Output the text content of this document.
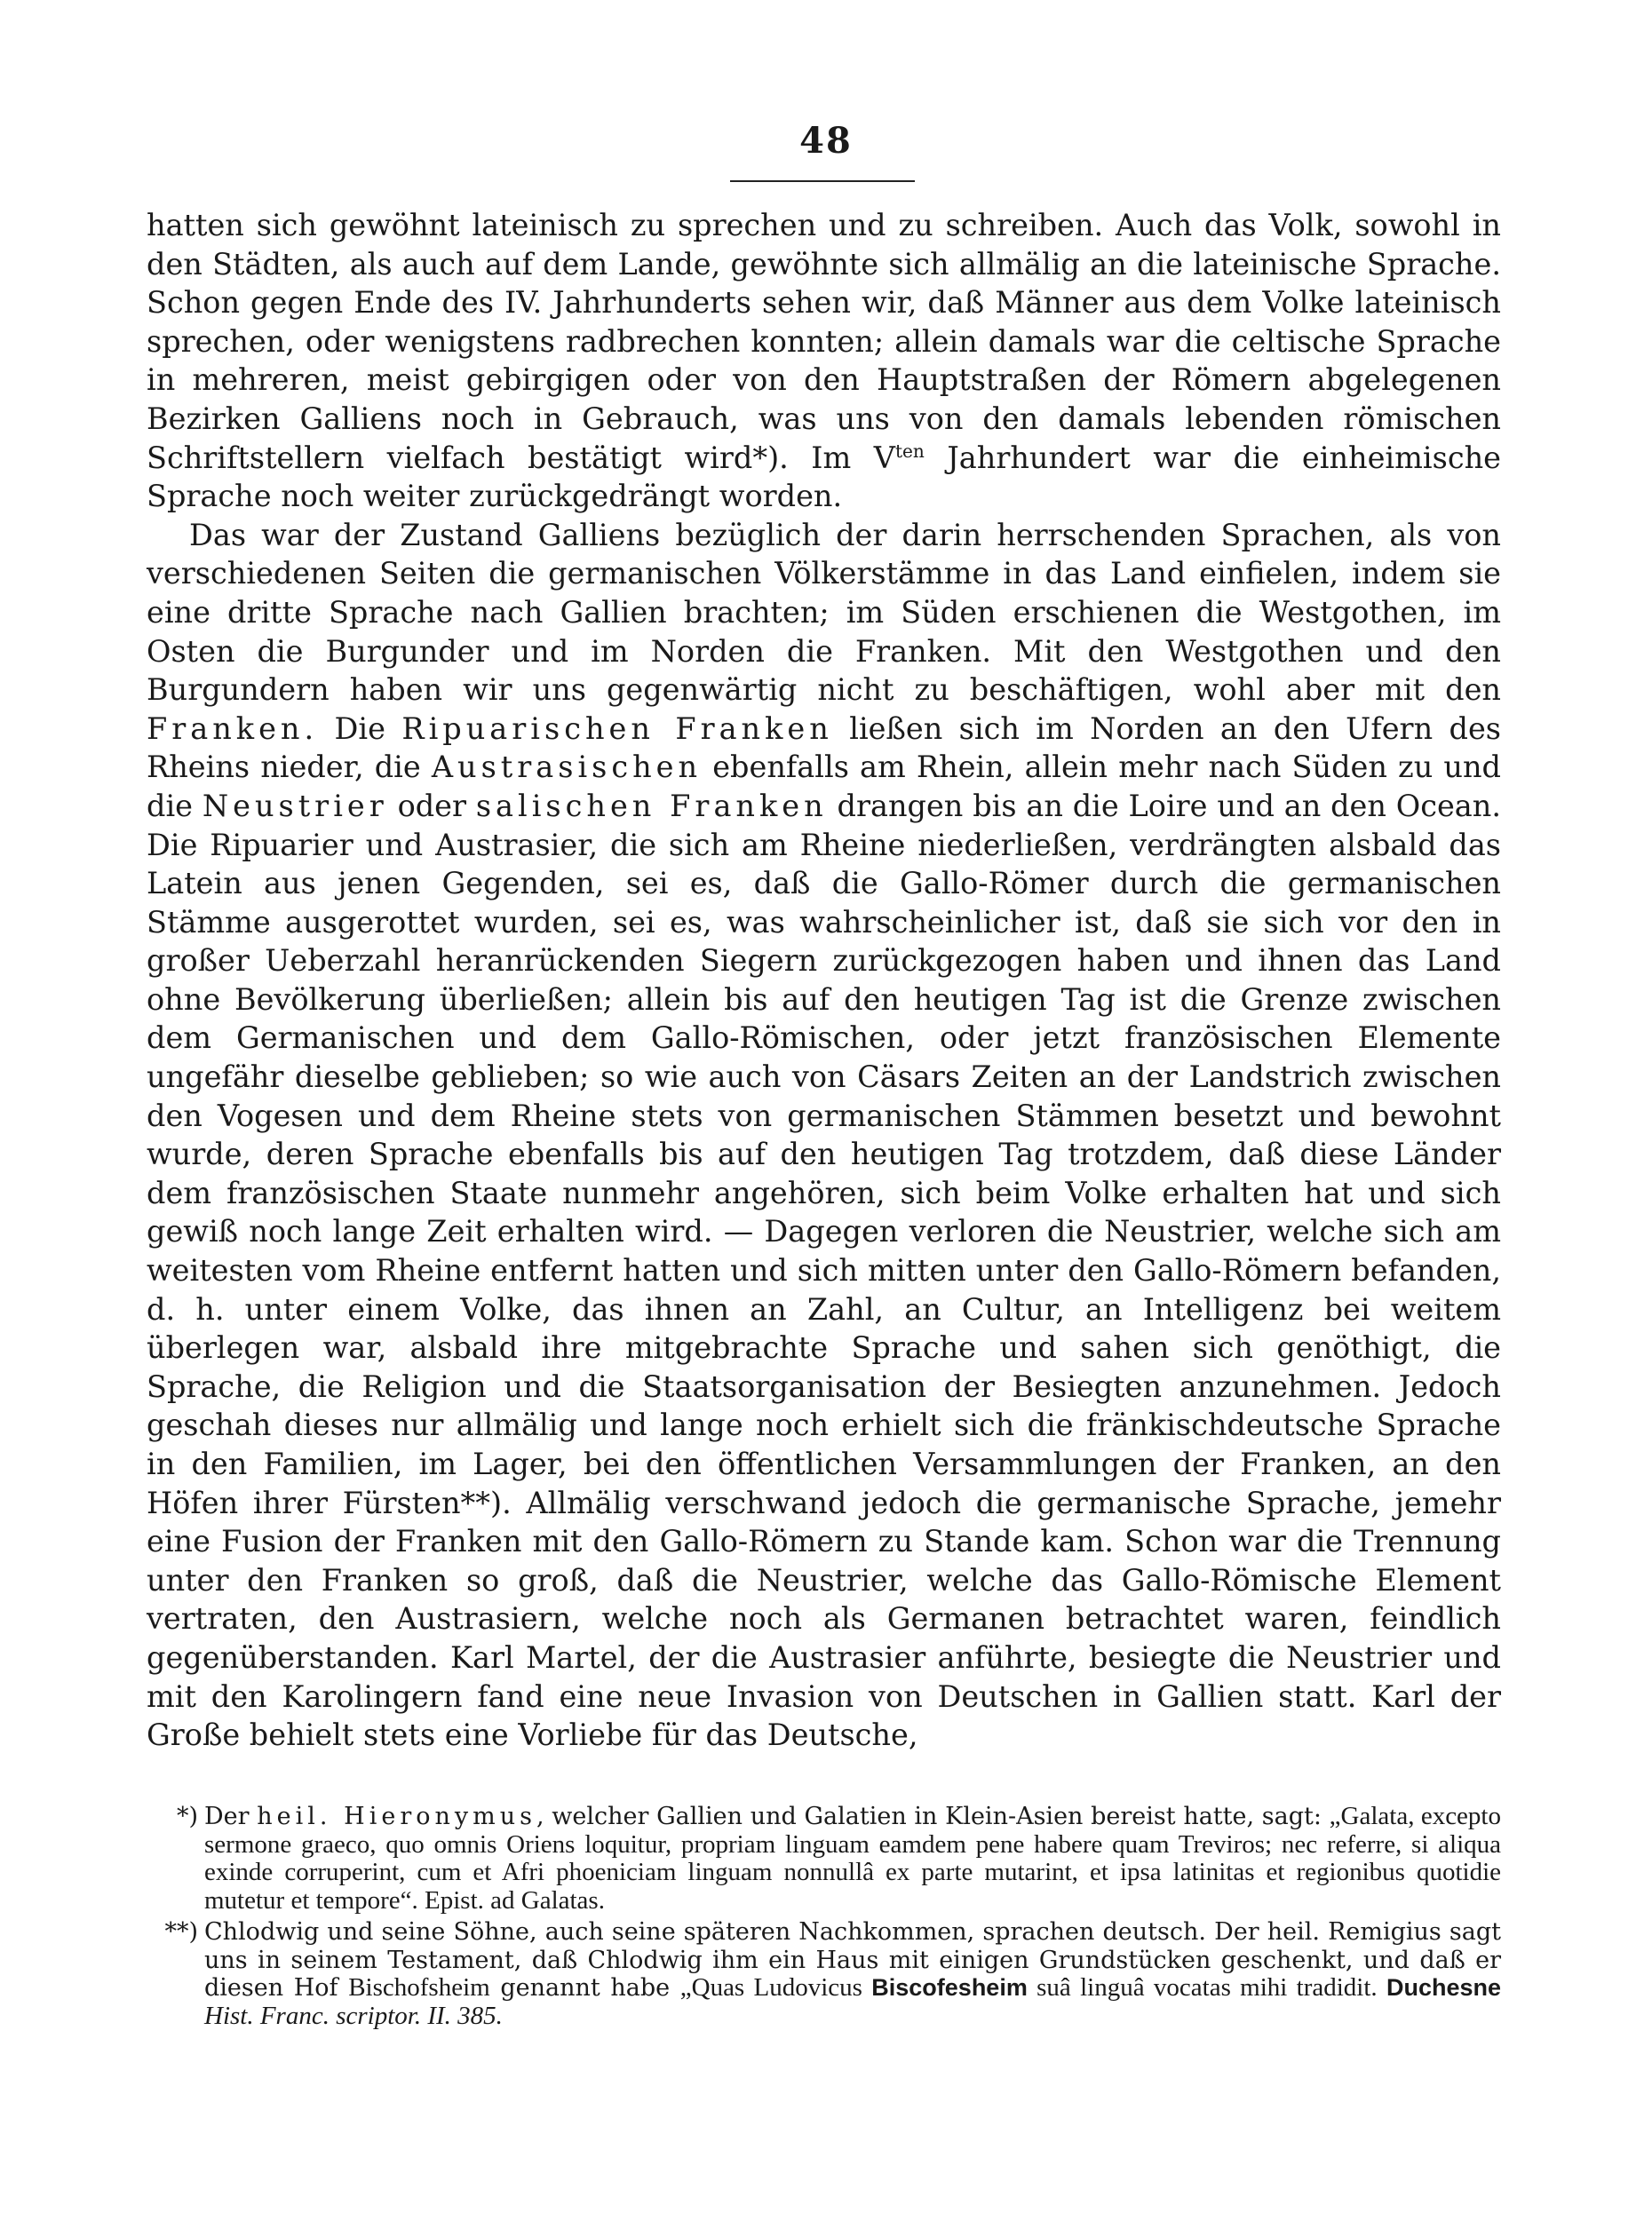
48

hatten sich gewöhnt lateinisch zu sprechen und zu schreiben. Auch das Volk, sowohl in den Städten, als auch auf dem Lande, gewöhnte sich allmälig an die lateinische Sprache. Schon gegen Ende des IV. Jahrhunderts sehen wir, daß Männer aus dem Volke lateinisch sprechen, oder wenigstens radbrechen konnten; allein damals war die celtische Sprache in mehreren, meist gebirgigen oder von den Hauptstraßen der Römern abgelegenen Bezirken Galliens noch in Gebrauch, was uns von den damals lebenden römischen Schriftstellern vielfach bestätigt wird*). Im $V^{ten}$ Jahrhundert war die einheimische Sprache noch weiter zurückgedrängt worden.

Das war der Zustand Galliens bezüglich der darin herrschenden Sprachen, als von verschiedenen Seiten die germanischen Völkerstämme in das Land einfielen, indem sie eine dritte Sprache nach Gallien brachten; im Süden erschienen die Westgothen, im Osten die Burgunder und im Norden die Franken. Mit den Westgothen und den Burgundern haben wir uns gegenwärtig nicht zu beschäftigen, wohl aber mit den Franken. Die Ripuarischen Franken ließen sich im Norden an den Ufern des Rheins nieder, die Austrasischen ebenfalls am Rhein, allein mehr nach Süden zu und die Neustrier oder salischen Franken drangen bis an die Loire und an den Ocean. Die Ripuarier und Austrasier, die sich am Rheine niederließen, verdrängten alsbald das Latein aus jenen Gegenden, sei es, daß die Gallo-Römer durch die germanischen Stämme ausgerottet wurden, sei es, was wahrscheinlicher ist, daß sie sich vor den in großer Ueberzahl heranrückenden Siegern zurückgezogen haben und ihnen das Land ohne Bevölkerung überließen; allein bis auf den heutigen Tag ist die Grenze zwischen dem Germanischen und dem Gallo-Römischen, oder jetzt französischen Elemente ungefähr dieselbe geblieben; so wie auch von Cäsars Zeiten an der Landstrich zwischen den Vogesen und dem Rheine stets von germanischen Stämmen besetzt und bewohnt wurde, deren Sprache ebenfalls bis auf den heutigen Tag trotzdem, daß diese Länder dem französischen Staate nunmehr angehören, sich beim Volke erhalten hat und sich gewiß noch lange Zeit erhalten wird. — Dagegen verloren die Neustrier, welche sich am weitesten vom Rheine entfernt hatten und sich mitten unter den Gallo-Römern befanden, d. h. unter einem Volke, das ihnen an Zahl, an Cultur, an Intelligenz bei weitem überlegen war, alsbald ihre mitgebrachte Sprache und sahen sich genöthigt, die Sprache, die Religion und die Staatsorganisation der Besiegten anzunehmen. Jedoch geschah dieses nur allmälig und lange noch erhielt sich die fränkischdeutsche Sprache in den Familien, im Lager, bei den öffentlichen Versammlungen der Franken, an den Höfen ihrer Fürsten**). Allmälig verschwand jedoch die germanische Sprache, jemehr eine Fusion der Franken mit den Gallo-Römern zu Stande kam. Schon war die Trennung unter den Franken so groß, daß die Neustrier, welche das Gallo-Römische Element vertraten, den Austrasiern, welche noch als Germanen betrachtet waren, feindlich gegenüberstanden. Karl Martel, der die Austrasier anführte, besiegte die Neustrier und mit den Karolingern fand eine neue Invasion von Deutschen in Gallien statt. Karl der Große behielt stets eine Vorliebe für das Deutsche,

*) Der heil. Hieronymus, welcher Gallien und Galatien in Klein-Asien bereist hatte, sagt: „Galata, excepto sermone graeco, quo omnis Oriens loquitur, propriam linguam eamdem pene habere quam Treviros; nec referre, si aliqua exinde corruperint, cum et Afri phoeniciam linguam nonnullâ ex parte mutarint, et ipsa latinitas et regionibus quotidie mutetur et tempore“. Epist. ad Galatas.

**) Chlodwig und seine Söhne, auch seine späteren Nachkommen, sprachen deutsch. Der heil. Remigius sagt uns in seinem Testament, daß Chlodwig ihm ein Haus mit einigen Grundstücken geschenkt, und daß er diesen Hof Bischofsheim genannt habe „Quas Ludovicus Biscofesheim suâ linguâ vocatas mihi tradidit. Duchesne Hist. Franc. scriptor. II. 385.
